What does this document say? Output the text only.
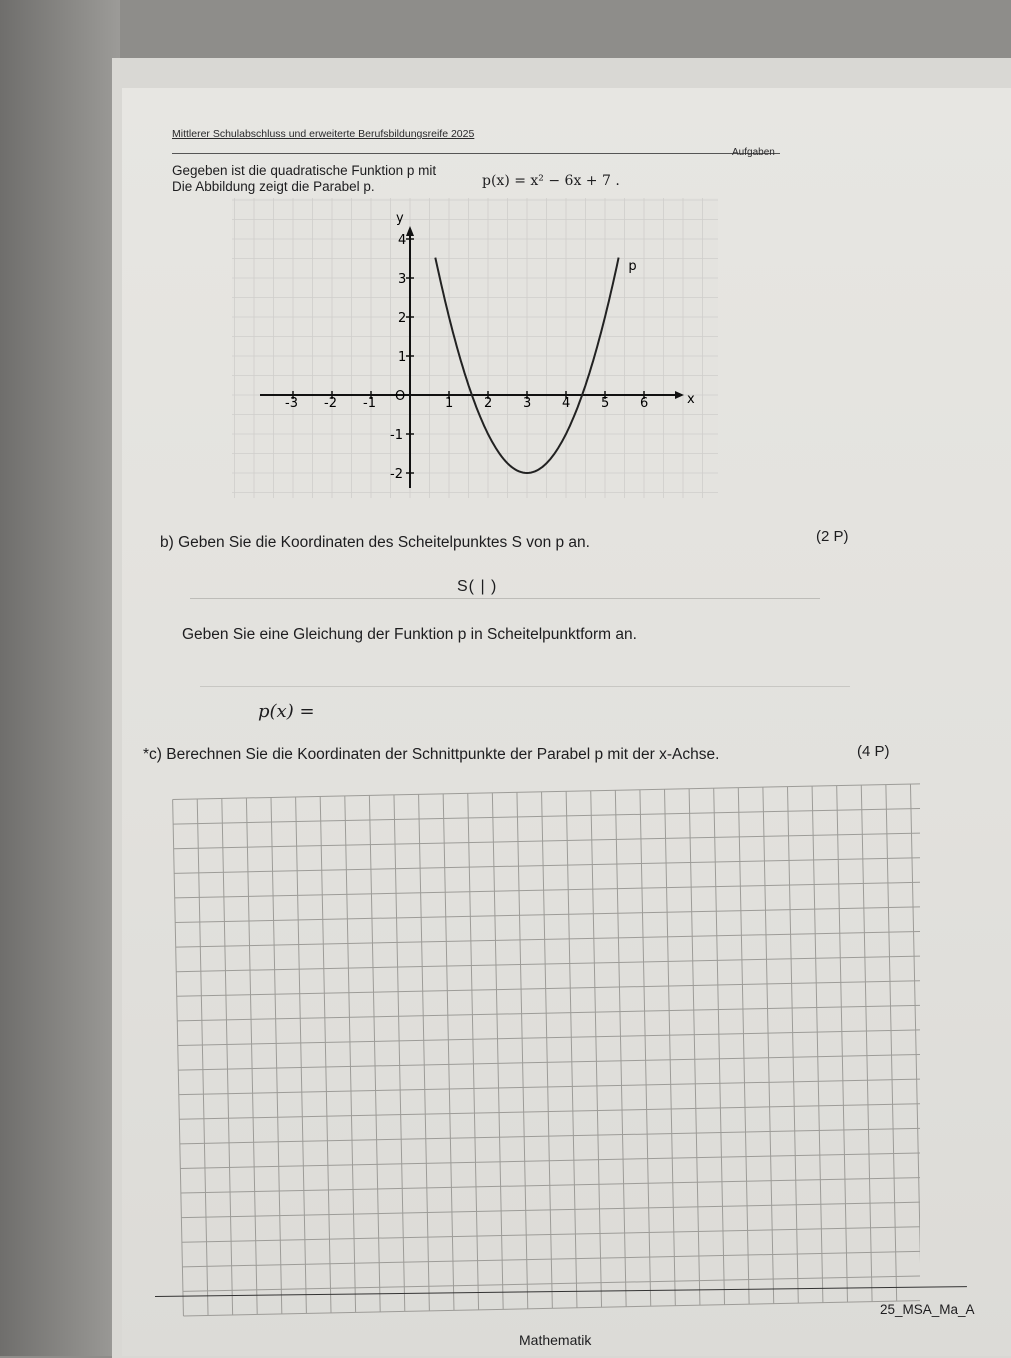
Mittlerer Schulabschluss und erweiterte Berufsbildungsreife 2025
Aufgaben
Gegeben ist die quadratische Funktion p mit
p(x) = x² − 6x + 7 .
Die Abbildung zeigt die Parabel p.
x
y
-3 -2 -1	1 2 3 4 5 6
4
3
2
1
-1
-2
O
p
b) Geben Sie die Koordinaten des Scheitelpunktes S von p an.	(2 P)
S( | )
Geben Sie eine Gleichung der Funktion p in Scheitelpunktform an.
p(x) =
*c) Berechnen Sie die Koordinaten der Schnittpunkte der Parabel p mit der x-Achse.	(4 P)
25_MSA_Ma_A
Mathematik
